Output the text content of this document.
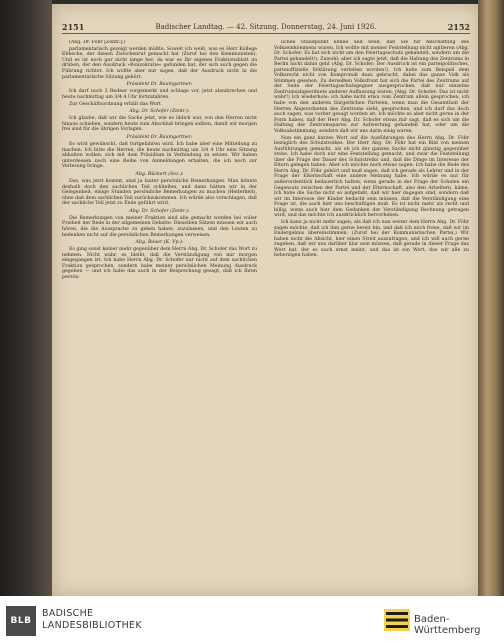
2151	Badischer Landtag. — 42. Sitzung. Donnerstag, 24. Juni 1926.	2152

(Abg. Dr. Föhr [Zentr.].)

parlamentarisch gezeigt werden müßte. Soweit ich weiß, was es Herr Kollege Ebbecke, der diesen Zwischenruf gemacht hat (Zuruf bei den Kommunisten). Und es ist noch gar nicht lange her, da war es Ihr eigenes Fraktionsblatt da drüben, der den Ausdruck »Bonzokratie« gefunden hat, der sich auch gegen die Führung richtet. Ich wollte aber nur sagen, daß der Ausdruck nicht in die parlamentarische Sitzung gehört.

Präsident Dr. Baumgartner:

Ich darf noch 3 Redner vorgemerkt und schlage vor, jetzt abzubrechen und heute nachmittag um 3/4 4 Uhr fortzufahren.

Zur Geschäftsordnung erhält das Wort

Abg. Dr. Schofer (Zentr.):

Ich glaube, daß wir die Sache jetzt, wie es üblich war, von den Herren nicht hinaus schieben, sondern heute zum Abschluß bringen sollten, damit wir morgen frei sind für die übrigen Vorlagen.

Präsident Dr. Baumgartner:

Es wird gewünscht, daß fortgefahren wird. Ich habe aber eine Mitteilung zu machen: Ich bitte die Herren, die heute nachmittag um 3/4 4 Uhr eine Sitzung abhalten wollen, sich mit dem Präsidium in Verbindung zu setzen. Wir haben unterdessen noch eine Reihe von Anmeldungen erhalten, die ich noch zur Verlesung bringe.

Abg. Rückert (Soz.):

Das, was jetzt kommt, sind ja lauter persönliche Bemerkungen. Man könnte deshalb doch den sachlichen Teil schließen, und dann hätten wir in der Gelegenheit, einige Stunden persönliche Bemerkungen zu machen (Heiterkeit), ohne daß dem sachlichen Teil zurückzukommen. Ich würde also vorschlagen, daß der sachliche Teil jetzt zu Ende geführt wird.

Abg. Dr. Schofer (Zentr.):

Die Bemerkungen von meiner Fraktion sind alle gemacht worden bei voller Freiheit der Rede in der allgemeinen Debatte. Dieselben Sätzen müssen wir auch hören, die die Aussprache zu geben haben, zuzulassen, und den Leuten zu bedenken nicht auf die persönlichen Bemerkungen verweisen.

Abg. Bauer (K. Vp.):

Es ging sonst keiner mehr gegenüber dem Herrn Abg. Dr. Schofer das Wort zu nehmen. Nicht wahr, es bleibt, daß die Verständigung von mir morgen eingegangen ist. Ich habe Herrn Abg. Dr. Schofer nur nicht auf dem sachlichen Fraktion gesprochen, sondern habe meiner persönlichen Meinung Ausdruck gegeben — und ich habe das auch in der Besprechung gesagt, daß ich Ihren persön-

lichen Standpunkt kenne und weiß, daß Sie für Abschaffung des Volkseinkommens waren. Ich wollte mit meiner Feststellung nicht agitieren (Abg. Dr. Schofer: Es hat sich nicht um den Feiertagsschutz gehandelt, sondern um die Partei gehandelt!). Zuwohl; aber ich sagte jetzt, daß die Haltung des Zentrums in Berlin nicht dahin geht (Abg. Dr. Schofer: Der Ausdruck ist ein parteipolitisches, parteioffizielle Erklärung verleiten worden!). Ich habe zum Beispiel dem Volksrecht nicht von Kompromiß dazu gebracht, dabei das ganze Volk als Stimmen gesehen. Zu derselben Volksfront hat sich die Partei des Zentrums auf der Seite der Feiertagsschutzgegner ausgesprochen, daß nur einzelne Zentrumsabgeordnete anderer Auffassung waren. (Abg. Dr. Schofer: Das ist nicht wahr!) Ich wiederhole: ich habe nicht etwa vom Zentrum allein gesprochen, ich habe von den anderen bürgerlichen Parteien, wenn man die Gesamtheit der Herren Abgeordneten des Zentrums sieht, gesprochen, und ich darf das doch auch sagen, was vorher gesagt worden ist. Ich möchte es aber nicht gerne in der Form haben, daß der Herr Abg. Dr. Schofer etwas mir sagt, daß es sich um die Haltung der Zentrumspartei zur Aufwertung gehandelt hat, oder um die Volksabstimmung, sondern daß wir uns darin einig waren.

Nun ein ganz kurzes Wort auf die Ausführungen des Herrn Abg. Dr. Föhr bezüglich des Schulstreikes. Der Herr Abg. Dr. Föhr hat ein Bild von meinen Ausführungen gemacht, als ob ich der ganzen Sache nicht günstig gegenüber stehe. Ich habe doch nur eine Feststellung gemacht, und zwar die Feststellung über die Frage der Dauer des Schulstreiks und, daß die Dinge im Interesse der Eltern gelegen haben. Aber ich möchte noch etwas sagen: Ich habe die Rede des Herrn Abg. Dr. Föhr gehört und muß sagen, daß ich gerade als Lehrer und in der Frage der Elternschaft eine andere Meinung habe. Ich würde es nur für außerordentlich bedauerlich halten, wenn gerade in der Frage der Schulen ein Gegensatz zwischen der Partei und der Elternschaft, also den Arbeitern, käme. Ich habe die Sache nicht so aufgefaßt, daß wir hier dagegen sind, sondern daß wir im Interesse der Kinder bedacht sein müssen, daß die Verständigung eine Frage ist, die auch hier uns beschäftigen muß. Es ist nicht mehr als recht und billig, wenn auch hier dem Gedanken der Verständigung Rechnung getragen wird, und das möchte ich ausdrücklich hervorheben.

Ich kann ja nicht mehr sagen, als daß ich nun weiter dem Herrn Abg. Dr. Föhr sagen möchte, daß ich ihm gerne bereit bin, und daß ich mich freue, daß wir im Endergebnis übereinstimmen. (Zuruf bei der Kommunistischen Partei.) Wir haben nicht die Absicht, hier einen Streit auszutragen, und ich will auch gerne zugeben, daß wir uns darüber klar sein müssen, daß gerade in dieser Frage das Wort hat, der es auch ernst meint, und das ist ein Wort, das wir alle zu beherzigen haben.

BLB
BADISCHE
LANDESBIBLIOTHEK
Baden-Württemberg
